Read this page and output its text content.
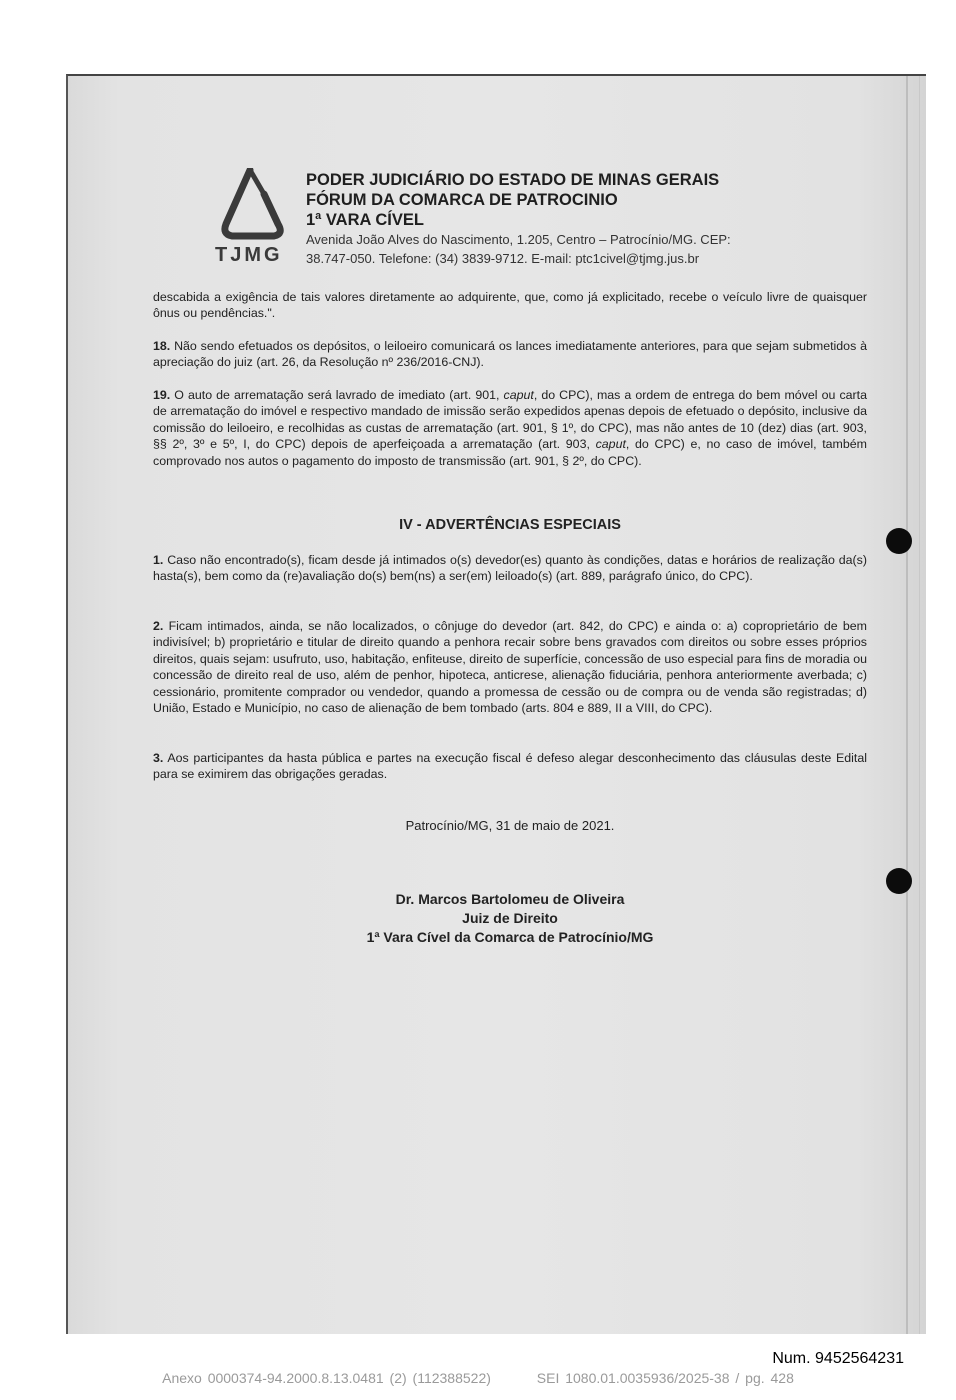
TJMG
PODER JUDICIÁRIO DO ESTADO DE MINAS GERAIS
FÓRUM DA COMARCA DE PATROCINIO
1ª VARA CÍVEL
Avenida João Alves do Nascimento, 1.205, Centro – Patrocínio/MG. CEP:
38.747-050. Telefone: (34) 3839-9712. E-mail: ptc1civel@tjmg.jus.br
descabida a exigência de tais valores diretamente ao adquirente, que, como já explicitado, recebe o veículo livre de quaisquer ônus ou pendências.".
18. Não sendo efetuados os depósitos, o leiloeiro comunicará os lances imediatamente anteriores, para que sejam submetidos à apreciação do juiz (art. 26, da Resolução nº 236/2016-CNJ).
19. O auto de arrematação será lavrado de imediato (art. 901, caput, do CPC), mas a ordem de entrega do bem móvel ou carta de arrematação do imóvel e respectivo mandado de imissão serão expedidos apenas depois de efetuado o depósito, inclusive da comissão do leiloeiro, e recolhidas as custas de arrematação (art. 901, § 1º, do CPC), mas não antes de 10 (dez) dias (art. 903, §§ 2º, 3º e 5º, I, do CPC) depois de aperfeiçoada a arrematação (art. 903, caput, do CPC) e, no caso de imóvel, também comprovado nos autos o pagamento do imposto de transmissão (art. 901, § 2º, do CPC).
IV - ADVERTÊNCIAS ESPECIAIS
1. Caso não encontrado(s), ficam desde já intimados o(s) devedor(es) quanto às condições, datas e horários de realização da(s) hasta(s), bem como da (re)avaliação do(s) bem(ns) a ser(em) leiloado(s) (art. 889, parágrafo único, do CPC).
2. Ficam intimados, ainda, se não localizados, o cônjuge do devedor (art. 842, do CPC) e ainda o: a) coproprietário de bem indivisível; b) proprietário e titular de direito quando a penhora recair sobre bens gravados com direitos ou sobre esses próprios direitos, quais sejam: usufruto, uso, habitação, enfiteuse, direito de superfície, concessão de uso especial para fins de moradia ou concessão de direito real de uso, além de penhor, hipoteca, anticrese, alienação fiduciária, penhora anteriormente averbada; c) cessionário, promitente comprador ou vendedor, quando a promessa de cessão ou de compra ou de venda são registradas; d) União, Estado e Município, no caso de alienação de bem tombado (arts. 804 e 889, II a VIII, do CPC).
3. Aos participantes da hasta pública e partes na execução fiscal é defeso alegar desconhecimento das cláusulas deste Edital para se eximirem das obrigações geradas.
Patrocínio/MG, 31 de maio de 2021.
Dr. Marcos Bartolomeu de Oliveira
Juiz de Direito
1ª Vara Cível da Comarca de Patrocínio/MG
Num. 9452564231
Anexo 0000374-94.2000.8.13.0481 (2) (112388522)	SEI 1080.01.0035936/2025-38 / pg. 428
